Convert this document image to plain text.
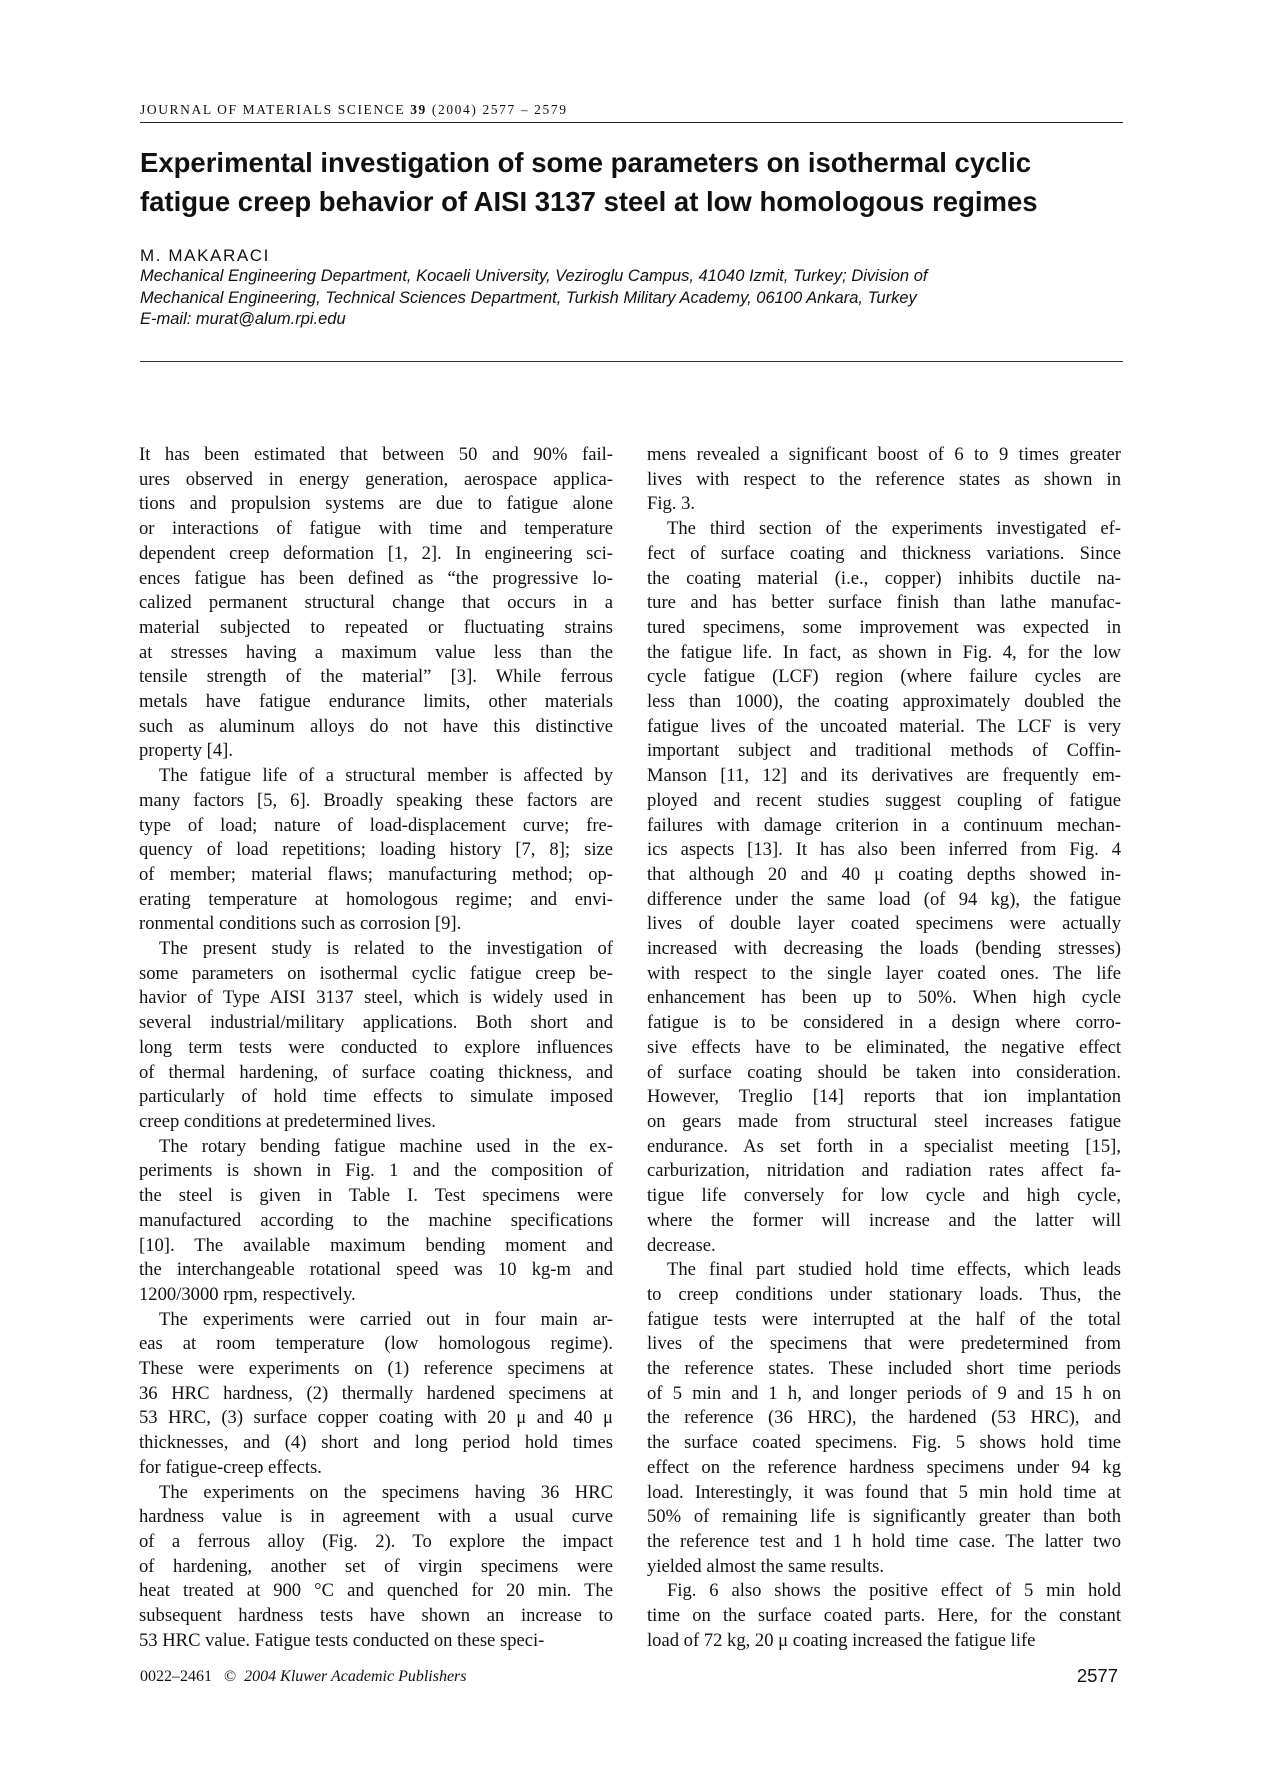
JOURNAL OF MATERIALS SCIENCE 39 (2004) 2577 – 2579
Experimental investigation of some parameters on isothermal cyclic
fatigue creep behavior of AISI 3137 steel at low homologous regimes
M. MAKARACI
Mechanical Engineering Department, Kocaeli University, Veziroglu Campus, 41040 Izmit, Turkey; Division of
Mechanical Engineering, Technical Sciences Department, Turkish Military Academy, 06100 Ankara, Turkey
E-mail: murat@alum.rpi.edu

It has been estimated that between 50 and 90% fail-
ures observed in energy generation, aerospace applica-
tions and propulsion systems are due to fatigue alone
or interactions of fatigue with time and temperature
dependent creep deformation [1, 2]. In engineering sci-
ences fatigue has been defined as “the progressive lo-
calized permanent structural change that occurs in a
material subjected to repeated or fluctuating strains
at stresses having a maximum value less than the
tensile strength of the material” [3]. While ferrous
metals have fatigue endurance limits, other materials
such as aluminum alloys do not have this distinctive
property [4].

The fatigue life of a structural member is affected by
many factors [5, 6]. Broadly speaking these factors are
type of load; nature of load-displacement curve; fre-
quency of load repetitions; loading history [7, 8]; size
of member; material flaws; manufacturing method; op-
erating temperature at homologous regime; and envi-
ronmental conditions such as corrosion [9].

The present study is related to the investigation of
some parameters on isothermal cyclic fatigue creep be-
havior of Type AISI 3137 steel, which is widely used in
several industrial/military applications. Both short and
long term tests were conducted to explore influences
of thermal hardening, of surface coating thickness, and
particularly of hold time effects to simulate imposed
creep conditions at predetermined lives.

The rotary bending fatigue machine used in the ex-
periments is shown in Fig. 1 and the composition of
the steel is given in Table I. Test specimens were
manufactured according to the machine specifications
[10]. The available maximum bending moment and
the interchangeable rotational speed was 10 kg-m and
1200/3000 rpm, respectively.

The experiments were carried out in four main ar-
eas at room temperature (low homologous regime).
These were experiments on (1) reference specimens at
36 HRC hardness, (2) thermally hardened specimens at
53 HRC, (3) surface copper coating with 20 μ and 40 μ
thicknesses, and (4) short and long period hold times
for fatigue-creep effects.

The experiments on the specimens having 36 HRC
hardness value is in agreement with a usual curve
of a ferrous alloy (Fig. 2). To explore the impact
of hardening, another set of virgin specimens were
heat treated at 900 °C and quenched for 20 min. The
subsequent hardness tests have shown an increase to
53 HRC value. Fatigue tests conducted on these speci-

mens revealed a significant boost of 6 to 9 times greater
lives with respect to the reference states as shown in
Fig. 3.

The third section of the experiments investigated ef-
fect of surface coating and thickness variations. Since
the coating material (i.e., copper) inhibits ductile na-
ture and has better surface finish than lathe manufac-
tured specimens, some improvement was expected in
the fatigue life. In fact, as shown in Fig. 4, for the low
cycle fatigue (LCF) region (where failure cycles are
less than 1000), the coating approximately doubled the
fatigue lives of the uncoated material. The LCF is very
important subject and traditional methods of Coffin-
Manson [11, 12] and its derivatives are frequently em-
ployed and recent studies suggest coupling of fatigue
failures with damage criterion in a continuum mechan-
ics aspects [13]. It has also been inferred from Fig. 4
that although 20 and 40 μ coating depths showed in-
difference under the same load (of 94 kg), the fatigue
lives of double layer coated specimens were actually
increased with decreasing the loads (bending stresses)
with respect to the single layer coated ones. The life
enhancement has been up to 50%. When high cycle
fatigue is to be considered in a design where corro-
sive effects have to be eliminated, the negative effect
of surface coating should be taken into consideration.
However, Treglio [14] reports that ion implantation
on gears made from structural steel increases fatigue
endurance. As set forth in a specialist meeting [15],
carburization, nitridation and radiation rates affect fa-
tigue life conversely for low cycle and high cycle,
where the former will increase and the latter will
decrease.

The final part studied hold time effects, which leads
to creep conditions under stationary loads. Thus, the
fatigue tests were interrupted at the half of the total
lives of the specimens that were predetermined from
the reference states. These included short time periods
of 5 min and 1 h, and longer periods of 9 and 15 h on
the reference (36 HRC), the hardened (53 HRC), and
the surface coated specimens. Fig. 5 shows hold time
effect on the reference hardness specimens under 94 kg
load. Interestingly, it was found that 5 min hold time at
50% of remaining life is significantly greater than both
the reference test and 1 h hold time case. The latter two
yielded almost the same results.

Fig. 6 also shows the positive effect of 5 min hold
time on the surface coated parts. Here, for the constant
load of 72 kg, 20 μ coating increased the fatigue life

0022–2461 © 2004 Kluwer Academic Publishers	2577
